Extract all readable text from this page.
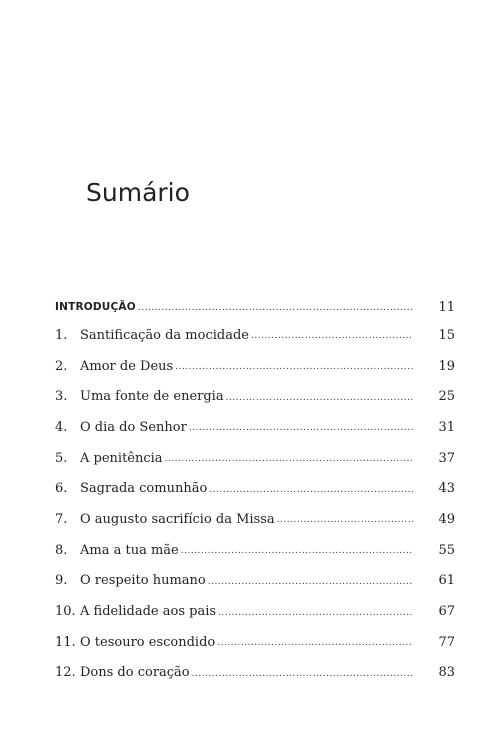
Sumário
INTRODUÇÃO .....	11
1. Santificação da mocidade .....	15
2. Amor de Deus .....	19
3. Uma fonte de energia .....	25
4. O dia do Senhor .....	31
5. A penitência .....	37
6. Sagrada comunhão .....	43
7. O augusto sacrifício da Missa .....	49
8. Ama a tua mãe .....	55
9. O respeito humano .....	61
10. A fidelidade aos pais .....	67
11. O tesouro escondido .....	77
12. Dons do coração .....	83
